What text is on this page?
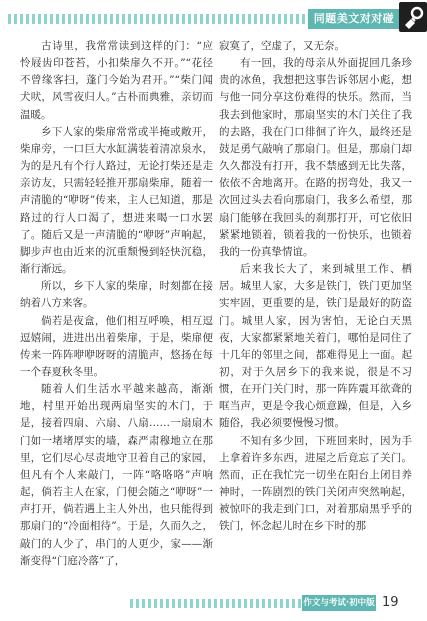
同题美文对对碰

古诗里，我常常读到这样的门：“应怜屐齿印苍苔，小扣柴扉久不开。”“花径不曾缘客扫，蓬门今始为君开。”“柴门闻犬吠，风雪夜归人。”古朴而典雅，亲切而温暖。

乡下人家的柴扉常常或半掩或敞开，柴扉旁，一口巨大水缸满装着清凉泉水，为的是凡有个行人路过，无论打柴还是走亲访友，只需轻轻推开那扇柴扉，随着一声清脆的“咿呀”传来，主人已知道，那是路过的行人口渴了，想进来喝一口水罢了。随后又是一声清脆的“咿呀”声响起，脚步声也由近来的沉重颓慢到轻快沉稳，渐行渐远。

所以，乡下人家的柴扉，时刻都在接纳着八方来客。

倘若是夜盒，他们相互呼唤，相互逗逗嬉闹，进进出出着柴扉，于是，柴扉便传来一阵阵咿咿呀呀的清脆声，悠扬在每一个春夏秋冬里。

随着人们生活水平越来越高，渐渐地，村里开始出现两扇坚实的木门，于是，接着四扇、六扇、八扇……一扇扇木门如一堵堵厚实的墙，森严肃穆地立在那里，它们尽心尽责地守卫着自己的家园，但凡有个人来敲门，一阵“咯咯咯”声响起，倘若主人在家，门便会随之“咿呀”一声打开，倘若遇上主人外出，也只能得到那扇门的“冷面相待”。于是，久而久之，敲门的人少了，串门的人更少，家——渐渐变得“门庭冷落”了，

寂寞了，空虚了，又无奈。

有一回，我的母亲从外面捉回几条珍贵的冰鱼，我想把这事告诉邻居小彪，想与他一同分享这份难得的快乐。然而，当我去到他家时，那扇坚实的木门关住了我的去路，我在门口徘徊了许久，最终还是鼓足勇气敲响了那扇门。但是，那扇门却久久都没有打开，我不禁感到无比失落，依依不舍地离开。在路的拐弯处，我又一次回过头去看向那扇门，我多么希望，那扇门能够在我回头的刹那打开，可它依旧紧紧地锁着，锁着我的一份快乐，也锁着我的一份真挚情谊。

后来我长大了，来到城里工作、栖居。城里人家，大多是铁门，铁门更加坚实牢固，更重要的是，铁门是最好的防盗门。城里人家，因为害怕，无论白天黑夜，大家都紧紧地关着门，哪怕是同住了十几年的邻里之间，都难得见上一面。起初，对于久居乡下的我来说，很是不习惯，在开门关门时，那一阵阵震耳欲聋的哐当声，更是令我心烦意躁，但是，入乡随俗，我必须要慢慢习惯。

不知有多少回，下班回来时，因为手上拿着许多东西，进屋之后竟忘了关门。然而，正在我忙完一切坐在阳台上闭目养神时，一阵剧烈的铁门关闭声突然响起，被惊吓的我走到门口，对着那扇黑乎乎的铁门，怀念起儿时在乡下时的那

作文与考试·初中版 19
